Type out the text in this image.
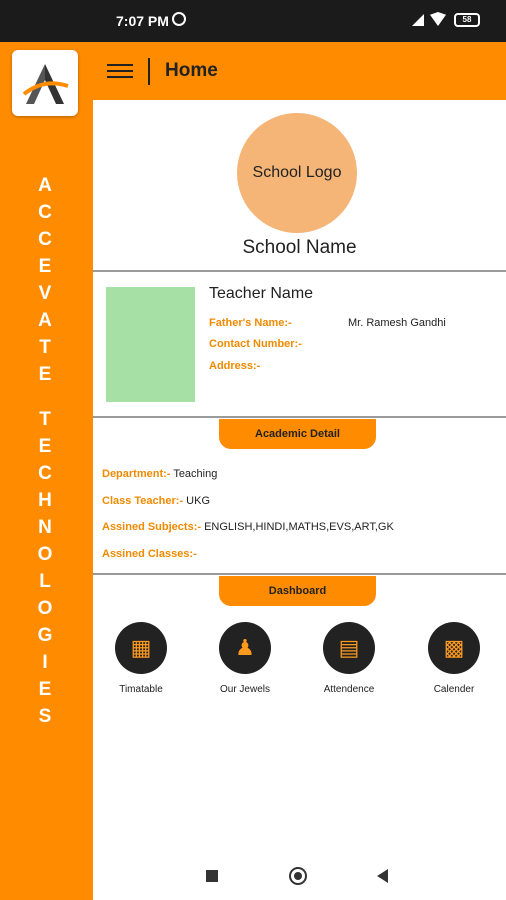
7:07 PM	58
A
C
C
E
V
A
T
E
T
E
C
H
N
O
L
O
G
I
E
S
Home
School Logo
School Name
Teacher Name
Father's Name:-	Mr. Ramesh Gandhi
Contact Number:-
Address:-
Academic Detail
Department:- Teaching
Class Teacher:- UKG
Assined Subjects:- ENGLISH,HINDI,MATHS,EVS,ART,GK
Assined Classes:-
Dashboard
▦
Timatable
♟
Our Jewels
▤
Attendence
▩
Calender
